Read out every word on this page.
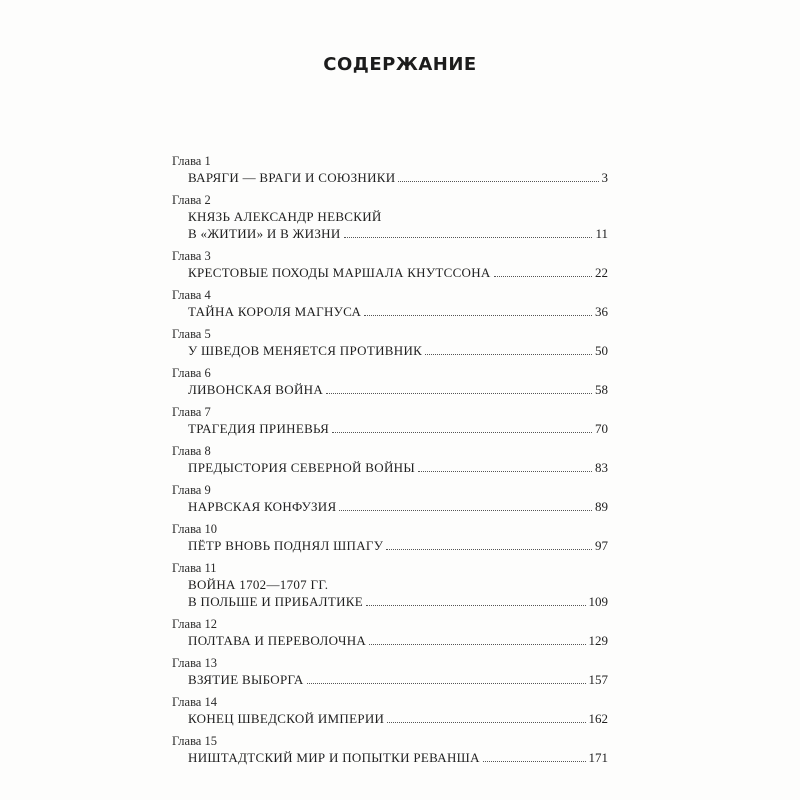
СОДЕРЖАНИЕ
Глава 1
ВАРЯГИ — ВРАГИ И СОЮЗНИКИ	3
Глава 2
КНЯЗЬ АЛЕКСАНДР НЕВСКИЙ
В «ЖИТИИ» И В ЖИЗНИ	11
Глава 3
КРЕСТОВЫЕ ПОХОДЫ МАРШАЛА КНУТССОНА	22
Глава 4
ТАЙНА КОРОЛЯ МАГНУСА	36
Глава 5
У ШВЕДОВ МЕНЯЕТСЯ ПРОТИВНИК	50
Глава 6
ЛИВОНСКАЯ ВОЙНА	58
Глава 7
ТРАГЕДИЯ ПРИНЕВЬЯ	70
Глава 8
ПРЕДЫСТОРИЯ СЕВЕРНОЙ ВОЙНЫ	83
Глава 9
НАРВСКАЯ КОНФУЗИЯ	89
Глава 10
ПЁТР ВНОВЬ ПОДНЯЛ ШПАГУ	97
Глава 11
ВОЙНА 1702—1707 ГГ.
В ПОЛЬШЕ И ПРИБАЛТИКЕ	109
Глава 12
ПОЛТАВА И ПЕРЕВОЛОЧНА	129
Глава 13
ВЗЯТИЕ ВЫБОРГА	157
Глава 14
КОНЕЦ ШВЕДСКОЙ ИМПЕРИИ	162
Глава 15
НИШТАДТСКИЙ МИР И ПОПЫТКИ РЕВАНША	171
